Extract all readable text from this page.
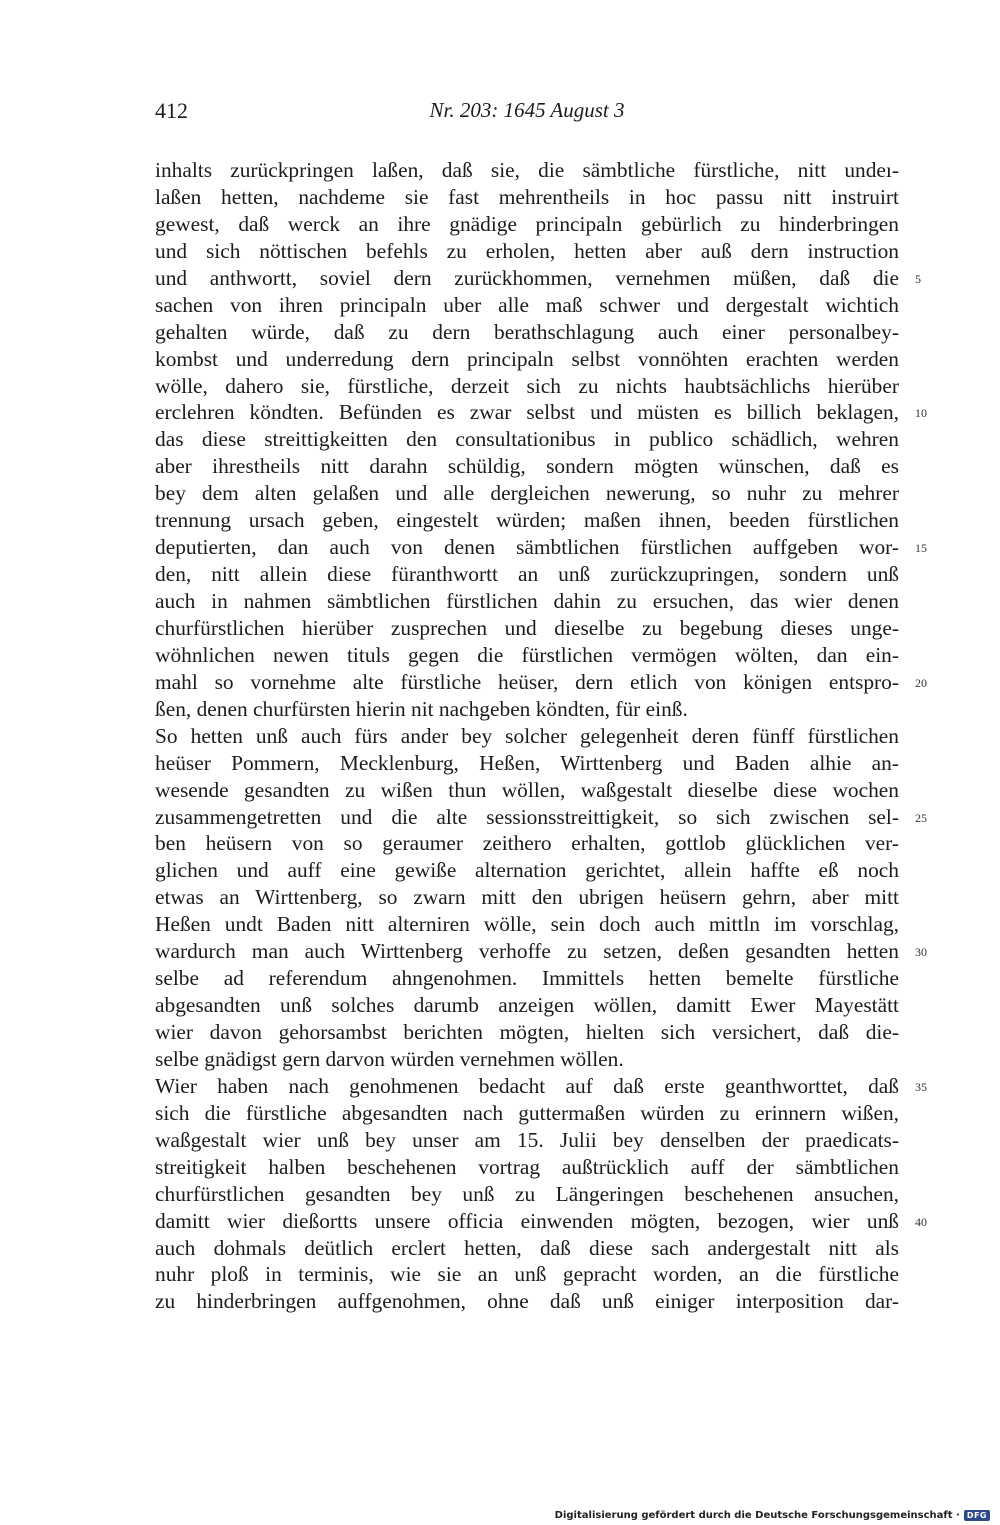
412	Nr. 203: 1645 August 3
inhalts zurückpringen laßen, daß sie, die sämbtliche fürstliche, nitt undeı-
laßen hetten, nachdeme sie fast mehrentheils in hoc passu nitt instruirt
gewest, daß werck an ihre gnädige principaln gebürlich zu hinderbringen
und sich nöttischen befehls zu erholen, hetten aber auß dern instruction
und anthwortt, soviel dern zurückhommen, vernehmen müßen, daß die 5
sachen von ihren principaln uber alle maß schwer und dergestalt wichtich
gehalten würde, daß zu dern berathschlagung auch einer personalbey-
kombst und underredung dern principaln selbst vonnöhten erachten werden
wölle, dahero sie, fürstliche, derzeit sich zu nichts haubtsächlichs hierüber
erclehren köndten. Befünden es zwar selbst und müsten es billich beklagen, 10
das diese streittigkeitten den consultationibus in publico schädlich, wehren
aber ihrestheils nitt darahn schüldig, sondern mögten wünschen, daß es
bey dem alten gelaßen und alle dergleichen newerung, so nuhr zu mehrer
trennung ursach geben, eingestelt würden; maßen ihnen, beeden fürstlichen
deputierten, dan auch von denen sämbtlichen fürstlichen auffgeben wor- 15
den, nitt allein diese füranthwortt an unß zurückzupringen, sondern unß
auch in nahmen sämbtlichen fürstlichen dahin zu ersuchen, das wier denen
churfürstlichen hierüber zusprechen und dieselbe zu begebung dieses unge-
wöhnlichen newen tituls gegen die fürstlichen vermögen wölten, dan ein-
mahl so vornehme alte fürstliche heüser, dern etlich von königen entspro- 20
ßen, denen churfürsten hierin nit nachgeben köndten, für einß.
So hetten unß auch fürs ander bey solcher gelegenheit deren fünff fürstlichen
heüser Pommern, Mecklenburg, Heßen, Wirttenberg und Baden alhie an-
wesende gesandten zu wißen thun wöllen, waßgestalt dieselbe diese wochen
zusammengetretten und die alte sessionsstreittigkeit, so sich zwischen sel- 25
ben heüsern von so geraumer zeithero erhalten, gottlob glücklichen ver-
glichen und auff eine gewiße alternation gerichtet, allein haffte eß noch
etwas an Wirttenberg, so zwarn mitt den ubrigen heüsern gehrn, aber mitt
Heßen undt Baden nitt alterniren wölle, sein doch auch mittln im vorschlag,
wardurch man auch Wirttenberg verhoffe zu setzen, deßen gesandten hetten 30
selbe ad referendum ahngenohmen. Immittels hetten bemelte fürstliche
abgesandten unß solches darumb anzeigen wöllen, damitt Ewer Mayestätt
wier davon gehorsambst berichten mögten, hielten sich versichert, daß die-
selbe gnädigst gern darvon würden vernehmen wöllen.
Wier haben nach genohmenen bedacht auf daß erste geanthworttet, daß 35
sich die fürstliche abgesandten nach guttermaßen würden zu erinnern wißen,
waßgestalt wier unß bey unser am 15. Julii bey denselben der praedicats-
streitigkeit halben beschehenen vortrag außtrücklich auff der sämbtlichen
churfürstlichen gesandten bey unß zu Längeringen beschehenen ansuchen,
damitt wier dießortts unsere officia einwenden mögten, bezogen, wier unß 40
auch dohmals deütlich erclert hetten, daß diese sach andergestalt nitt als
nuhr ploß in terminis, wie sie an unß gepracht worden, an die fürstliche
zu hinderbringen auffgenohmen, ohne daß unß einiger interposition dar-
Digitalisierung gefördert durch die Deutsche Forschungsgemeinschaft · DFG
